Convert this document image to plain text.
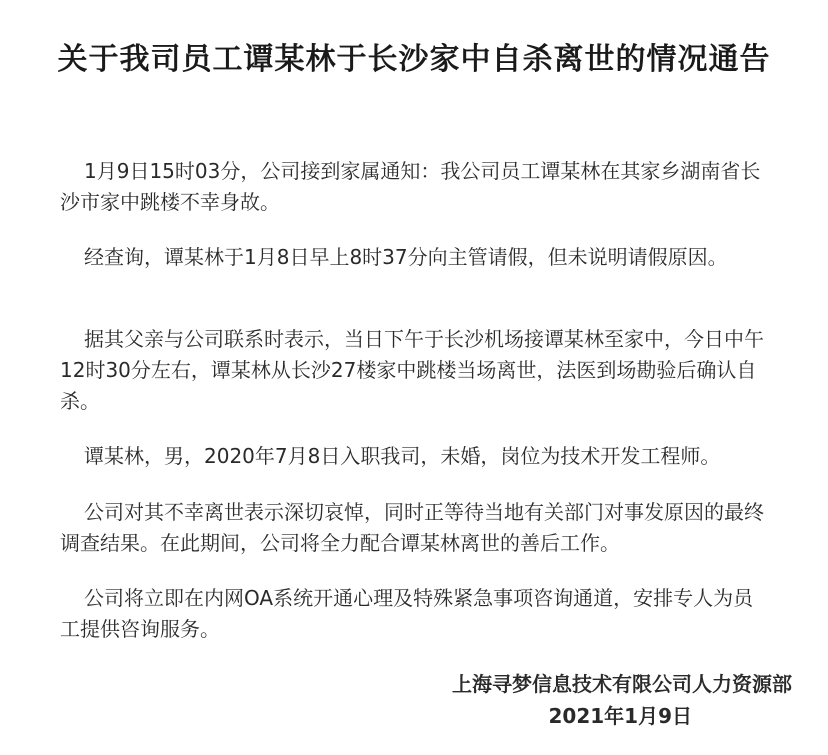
关于我司员工谭某林于长沙家中自杀离世的情况通告
1月9日15时03分，公司接到家属通知：我公司员工谭某林在其家乡湖南省长沙市家中跳楼不幸身故。
经查询，谭某林于1月8日早上8时37分向主管请假，但未说明请假原因。
据其父亲与公司联系时表示，当日下午于长沙机场接谭某林至家中，今日中午12时30分左右，谭某林从长沙27楼家中跳楼当场离世，法医到场勘验后确认自杀。
谭某林，男，2020年7月8日入职我司，未婚，岗位为技术开发工程师。
公司对其不幸离世表示深切哀悼，同时正等待当地有关部门对事发原因的最终调查结果。在此期间，公司将全力配合谭某林离世的善后工作。
公司将立即在内网OA系统开通心理及特殊紧急事项咨询通道，安排专人为员工提供咨询服务。
上海寻梦信息技术有限公司人力资源部
2021年1月9日
